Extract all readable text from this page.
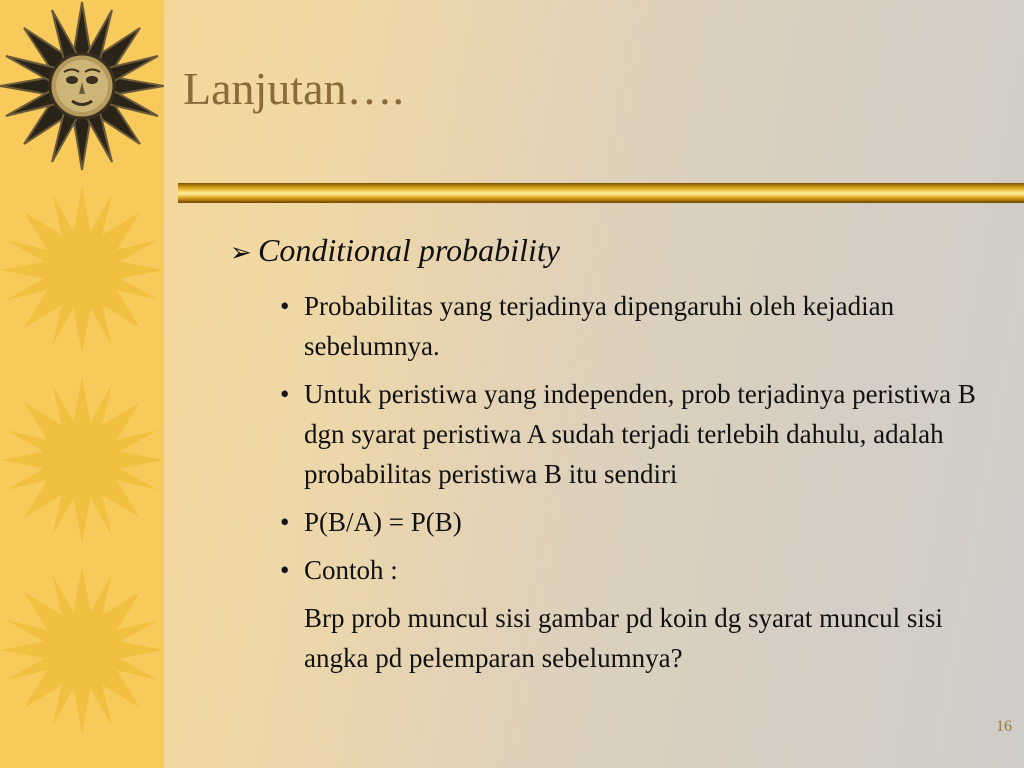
Lanjutan….
➢ Conditional probability
• Probabilitas yang terjadinya dipengaruhi oleh kejadian sebelumnya.
• Untuk peristiwa yang independen, prob terjadinya peristiwa B dgn syarat peristiwa A sudah terjadi terlebih dahulu, adalah probabilitas peristiwa B itu sendiri
• P(B/A) = P(B)
• Contoh :
Brp prob muncul sisi gambar pd koin dg syarat muncul sisi angka pd pelemparan sebelumnya?
16
